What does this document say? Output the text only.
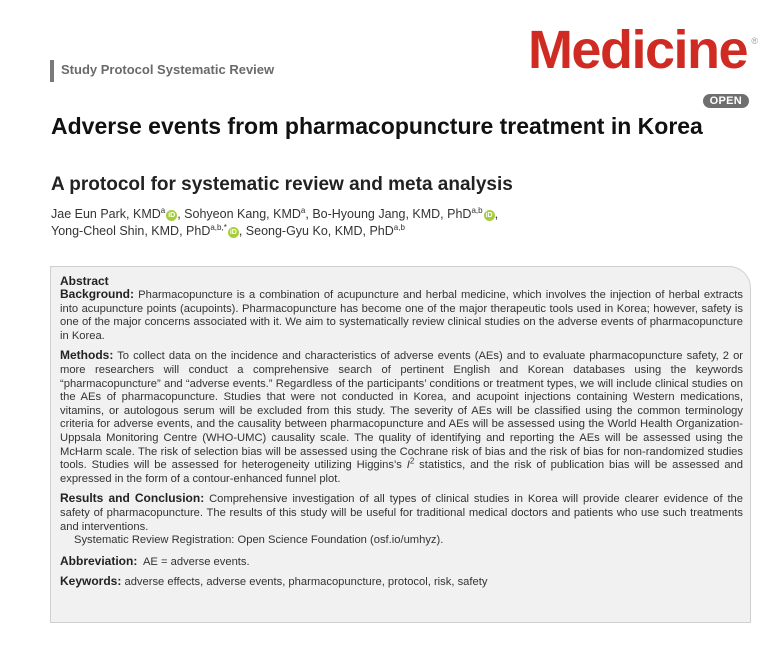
Study Protocol Systematic Review	Medicine ®
OPEN
Adverse events from pharmacopuncture treatment in Korea
A protocol for systematic review and meta analysis
Jae Eun Park, KMD$^a$iD , Sohyeon Kang, KMD$^a$, Bo-Hyoung Jang, KMD, PhD$^{a,b}$iD ,
Yong-Cheol Shin, KMD, PhD$^{a,b,*}$iD , Seong-Gyu Ko, KMD, PhD$^{a,b}$
Abstract

Background: Pharmacopuncture is a combination of acupuncture and herbal medicine, which involves the injection of herbal extracts into acupuncture points (acupoints). Pharmacopuncture has become one of the major therapeutic tools used in Korea; however, safety is one of the major concerns associated with it. We aim to systematically review clinical studies on the adverse events of pharmacopuncture in Korea.

Methods: To collect data on the incidence and characteristics of adverse events (AEs) and to evaluate pharmacopuncture safety, 2 or more researchers will conduct a comprehensive search of pertinent English and Korean databases using the keywords “pharmacopuncture” and “adverse events.” Regardless of the participants’ conditions or treatment types, we will include clinical studies on the AEs of pharmacopuncture. Studies that were not conducted in Korea, and acupoint injections containing Western medications, vitamins, or autologous serum will be excluded from this study. The severity of AEs will be classified using the common terminology criteria for adverse events, and the causality between pharmacopuncture and AEs will be assessed using the World Health Organization-Uppsala Monitoring Centre (WHO-UMC) causality scale. The quality of identifying and reporting the AEs will be assessed using the McHarm scale. The risk of selection bias will be assessed using the Cochrane risk of bias and the risk of bias for non-randomized studies tools. Studies will be assessed for heterogeneity utilizing Higgins’s $I^2$ statistics, and the risk of publication bias will be assessed and expressed in the form of a contour-enhanced funnel plot.

Results and Conclusion: Comprehensive investigation of all types of clinical studies in Korea will provide clearer evidence of the safety of pharmacopuncture. The results of this study will be useful for traditional medical doctors and patients who use such treatments and interventions.

Systematic Review Registration: Open Science Foundation (osf.io/umhyz).

Abbreviation: AE = adverse events.

Keywords: adverse effects, adverse events, pharmacopuncture, protocol, risk, safety
